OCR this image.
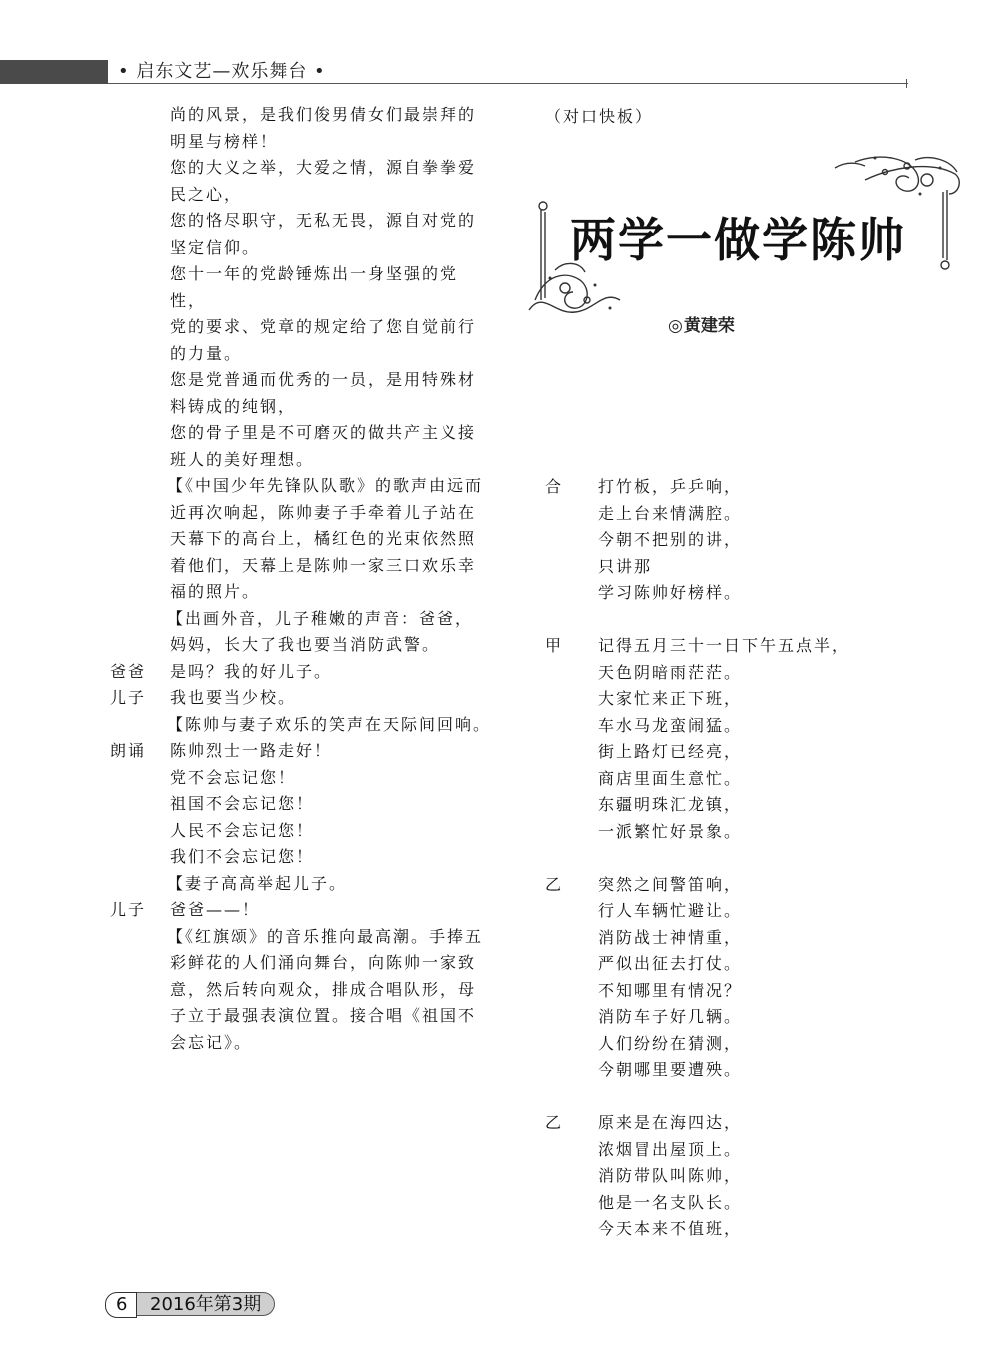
• 启东文艺—欢乐舞台 •
尚的风景，是我们俊男倩女们最崇拜的
明星与榜样！
您的大义之举，大爱之情，源自拳拳爱
民之心，
您的恪尽职守，无私无畏，源自对党的
坚定信仰。
您十一年的党龄锤炼出一身坚强的党
性，
党的要求、党章的规定给了您自觉前行
的力量。
您是党普通而优秀的一员，是用特殊材
料铸成的纯钢，
您的骨子里是不可磨灭的做共产主义接
班人的美好理想。
【《中国少年先锋队队歌》的歌声由远而
近再次响起，陈帅妻子手牵着儿子站在
天幕下的高台上，橘红色的光束依然照
着他们，天幕上是陈帅一家三口欢乐幸
福的照片。
【出画外音，儿子稚嫩的声音：爸爸，
妈妈，长大了我也要当消防武警。
爸爸	是吗？我的好儿子。
儿子	我也要当少校。
【陈帅与妻子欢乐的笑声在天际间回响。
朗诵	陈帅烈士一路走好！
党不会忘记您！
祖国不会忘记您！
人民不会忘记您！
我们不会忘记您！
【妻子高高举起儿子。
儿子	爸爸——！
【《红旗颂》的音乐推向最高潮。手捧五
彩鲜花的人们涌向舞台，向陈帅一家致
意，然后转向观众，排成合唱队形，母
子立于最强表演位置。接合唱《祖国不
会忘记》。
（对口快板）
两学一做学陈帅
◎黄建荣
合	打竹板，乒乒响，
走上台来情满腔。
今朝不把别的讲，
只讲那
学习陈帅好榜样。
甲	记得五月三十一日下午五点半，
天色阴暗雨茫茫。
大家忙来正下班，
车水马龙蛮闹猛。
街上路灯已经亮，
商店里面生意忙。
东疆明珠汇龙镇，
一派繁忙好景象。
乙	突然之间警笛响，
行人车辆忙避让。
消防战士神情重，
严似出征去打仗。
不知哪里有情况？
消防车子好几辆。
人们纷纷在猜测，
今朝哪里要遭殃。
乙	原来是在海四达，
浓烟冒出屋顶上。
消防带队叫陈帅，
他是一名支队长。
今天本来不值班，
2016年第3期
6
